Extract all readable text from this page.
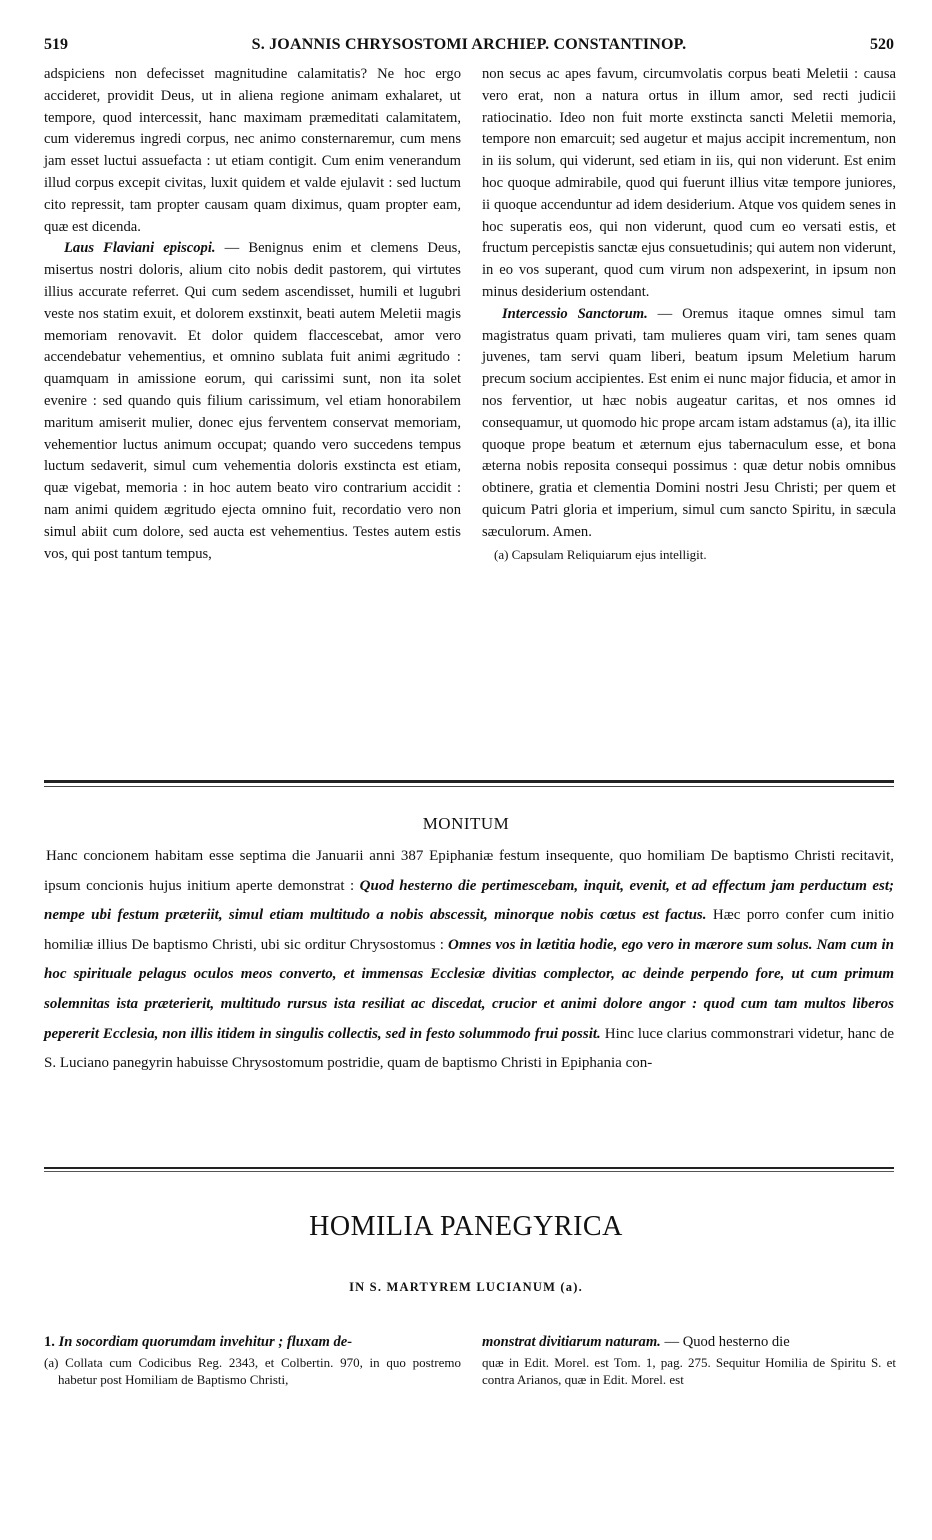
519	S. JOANNIS CHRYSOSTOMI ARCHIEP. CONSTANTINOP.	520

adspiciens non defecisset magnitudine calamitatis? Ne hoc ergo accideret, providit Deus, ut in aliena regione animam exhalaret, ut tempore, quod intercessit, hanc maximam præmeditati calamitatem, cum videremus ingredi corpus, nec animo consternaremur, cum mens jam esset luctui assuefacta : ut etiam contigit. Cum enim venerandum illud corpus excepit civitas, luxit quidem et valde ejulavit : sed luctum cito repressit, tam propter causam quam diximus, quam propter eam, quæ est dicenda.

Laus Flaviani episcopi. — Benignus enim et clemens Deus, misertus nostri doloris, alium cito nobis dedit pastorem, qui virtutes illius accurate referret. Qui cum sedem ascendisset, humili et lugubri veste nos statim exuit, et dolorem exstinxit, beati autem Meletii magis memoriam renovavit. Et dolor quidem flaccescebat, amor vero accendebatur vehementius, et omnino sublata fuit animi ægritudo : quamquam in amissione eorum, qui carissimi sunt, non ita solet evenire : sed quando quis filium carissimum, vel etiam honorabilem maritum amiserit mulier, donec ejus ferventem conservat memoriam, vehementior luctus animum occupat; quando vero succedens tempus luctum sedaverit, simul cum vehementia doloris exstincta est etiam, quæ vigebat, memoria : in hoc autem beato viro contrarium accidit : nam animi quidem ægritudo ejecta omnino fuit, recordatio vero non simul abiit cum dolore, sed aucta est vehementius. Testes autem estis vos, qui post tantum tempus,

non secus ac apes favum, circumvolatis corpus beati Meletii : causa vero erat, non a natura ortus in illum amor, sed recti judicii ratiocinatio. Ideo non fuit morte exstincta sancti Meletii memoria, tempore non emarcuit; sed augetur et majus accipit incrementum, non in iis solum, qui viderunt, sed etiam in iis, qui non viderunt. Est enim hoc quoque admirabile, quod qui fuerunt illius vitæ tempore juniores, ii quoque accenduntur ad idem desiderium. Atque vos quidem senes in hoc superatis eos, qui non viderunt, quod cum eo versati estis, et fructum percepistis sanctæ ejus consuetudinis; qui autem non viderunt, in eo vos superant, quod cum virum non adspexerint, in ipsum non minus desiderium ostendant.

Intercessio Sanctorum. — Oremus itaque omnes simul tam magistratus quam privati, tam mulieres quam viri, tam senes quam juvenes, tam servi quam liberi, beatum ipsum Meletium harum precum socium accipientes. Est enim ei nunc major fiducia, et amor in nos ferventior, ut hæc nobis augeatur caritas, et nos omnes id consequamur, ut quomodo hic prope arcam istam adstamus (a), ita illic quoque prope beatum et æternum ejus tabernaculum esse, et bona æterna nobis reposita consequi possimus : quæ detur nobis omnibus obtinere, gratia et clementia Domini nostri Jesu Christi; per quem et quicum Patri gloria et imperium, simul cum sancto Spiritu, in sæcula sæculorum. Amen.

(a) Capsulam Reliquiarum ejus intelligit.

MONITUM

Hanc concionem habitam esse septima die Januarii anni 387 Epiphaniæ festum insequente, quo homiliam De baptismo Christi recitavit, ipsum concionis hujus initium aperte demonstrat : Quod hesterno die pertimescebam, inquit, evenit, et ad effectum jam perductum est; nempe ubi festum præteriit, simul etiam multitudo a nobis abscessit, minorque nobis cœtus est factus. Hæc porro confer cum initio homiliæ illius De baptismo Christi, ubi sic orditur Chrysostomus : Omnes vos in lætitia hodie, ego vero in mærore sum solus. Nam cum in hoc spirituale pelagus oculos meos converto, et immensas Ecclesiæ divitias complector, ac deinde perpendo fore, ut cum primum solemnitas ista præterierit, multitudo rursus ista resiliat ac discedat, crucior et animi dolore angor : quod cum tam multos liberos pepererit Ecclesia, non illis itidem in singulis collectis, sed in festo solummodo frui possit. Hinc luce clarius commonstrari videtur, hanc de S. Luciano panegyrin habuisse Chrysostomum postridie, quam de baptismo Christi in Epiphania con-

HOMILIA PANEGYRICA
IN S. MARTYREM LUCIANUM (a).

1. In socordiam quorumdam invehitur ; fluxam de-

(a) Collata cum Codicibus Reg. 2343, et Colbertin. 970, in quo postremo habetur post Homiliam de Baptismo Christi,

monstrat divitiarum naturam. — Quod hesterno die

quæ in Edit. Morel. est Tom. 1, pag. 275. Sequitur Homilia de Spiritu S. et contra Arianos, quæ in Edit. Morel. est
